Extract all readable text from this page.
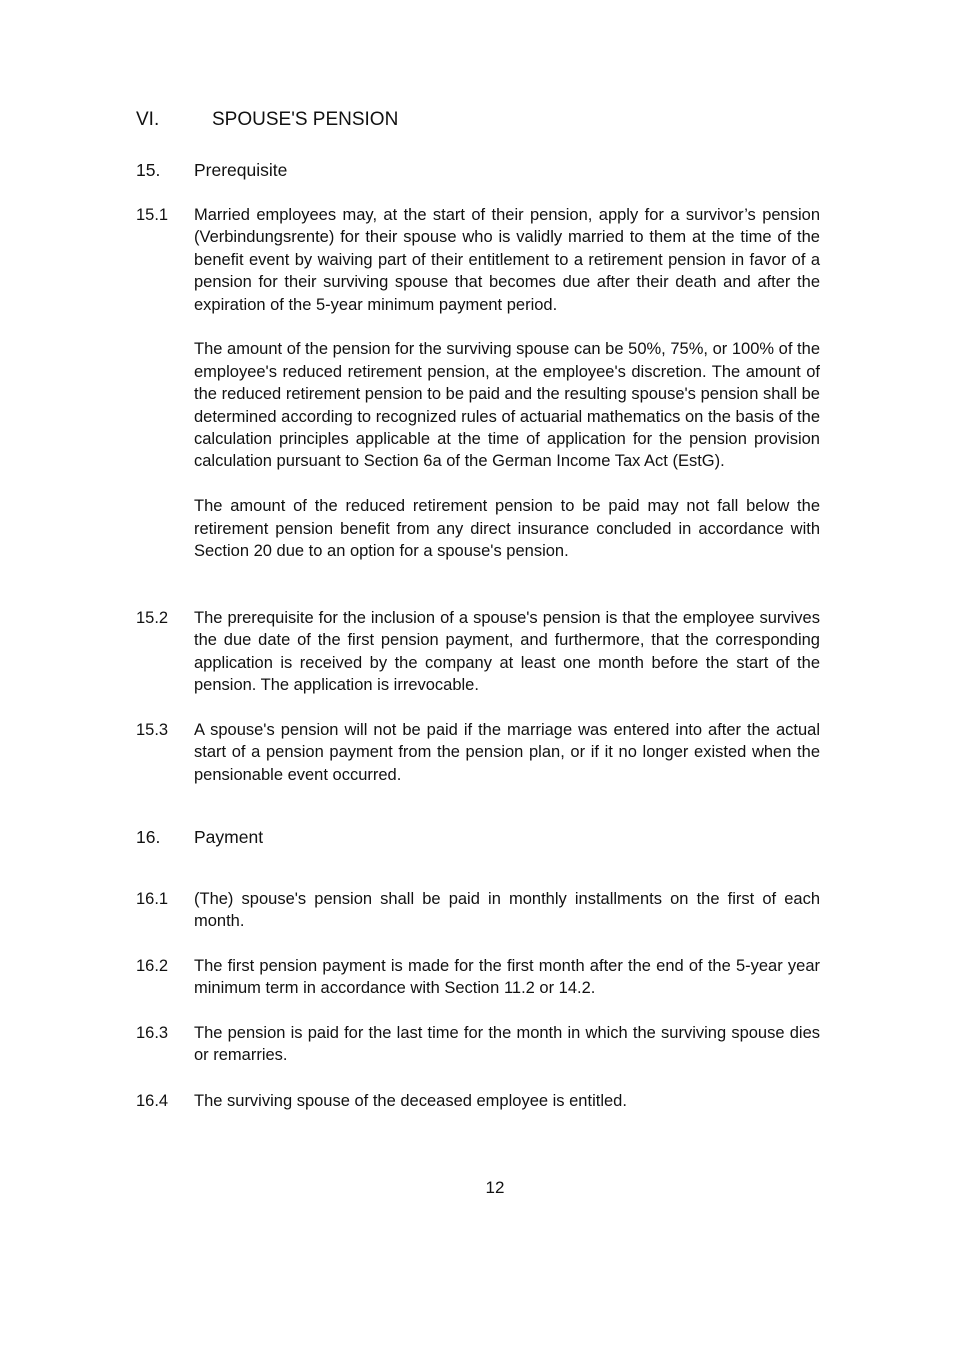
VI.	SPOUSE'S PENSION
15. Prerequisite
15.1 Married employees may, at the start of their pension, apply for a survivor’s pension (Verbindungsrente) for their spouse who is validly married to them at the time of the benefit event by waiving part of their entitlement to a retirement pension in favor of a pension for their surviving spouse that becomes due after their death and after the expiration of the 5-year minimum payment period.

The amount of the pension for the surviving spouse can be 50%, 75%, or 100% of the employee's reduced retirement pension, at the employee's discretion. The amount of the reduced retirement pension to be paid and the resulting spouse's pension shall be determined according to recognized rules of actuarial mathematics on the basis of the calculation principles applicable at the time of application for the pension provision calculation pursuant to Section 6a of the German Income Tax Act (EstG).

The amount of the reduced retirement pension to be paid may not fall below the retirement pension benefit from any direct insurance concluded in accordance with Section 20 due to an option for a spouse's pension.

15.2 The prerequisite for the inclusion of a spouse's pension is that the employee survives the due date of the first pension payment, and furthermore, that the corresponding application is received by the company at least one month before the start of the pension. The application is irrevocable.
15.3 A spouse's pension will not be paid if the marriage was entered into after the actual start of a pension payment from the pension plan, or if it no longer existed when the pensionable event occurred.
16. Payment
16.1 (The) spouse's pension shall be paid in monthly installments on the first of each month.
16.2 The first pension payment is made for the first month after the end of the 5-year year minimum term in accordance with Section 11.2 or 14.2.
16.3 The pension is paid for the last time for the month in which the surviving spouse dies or remarries.
16.4 The surviving spouse of the deceased employee is entitled.
12
